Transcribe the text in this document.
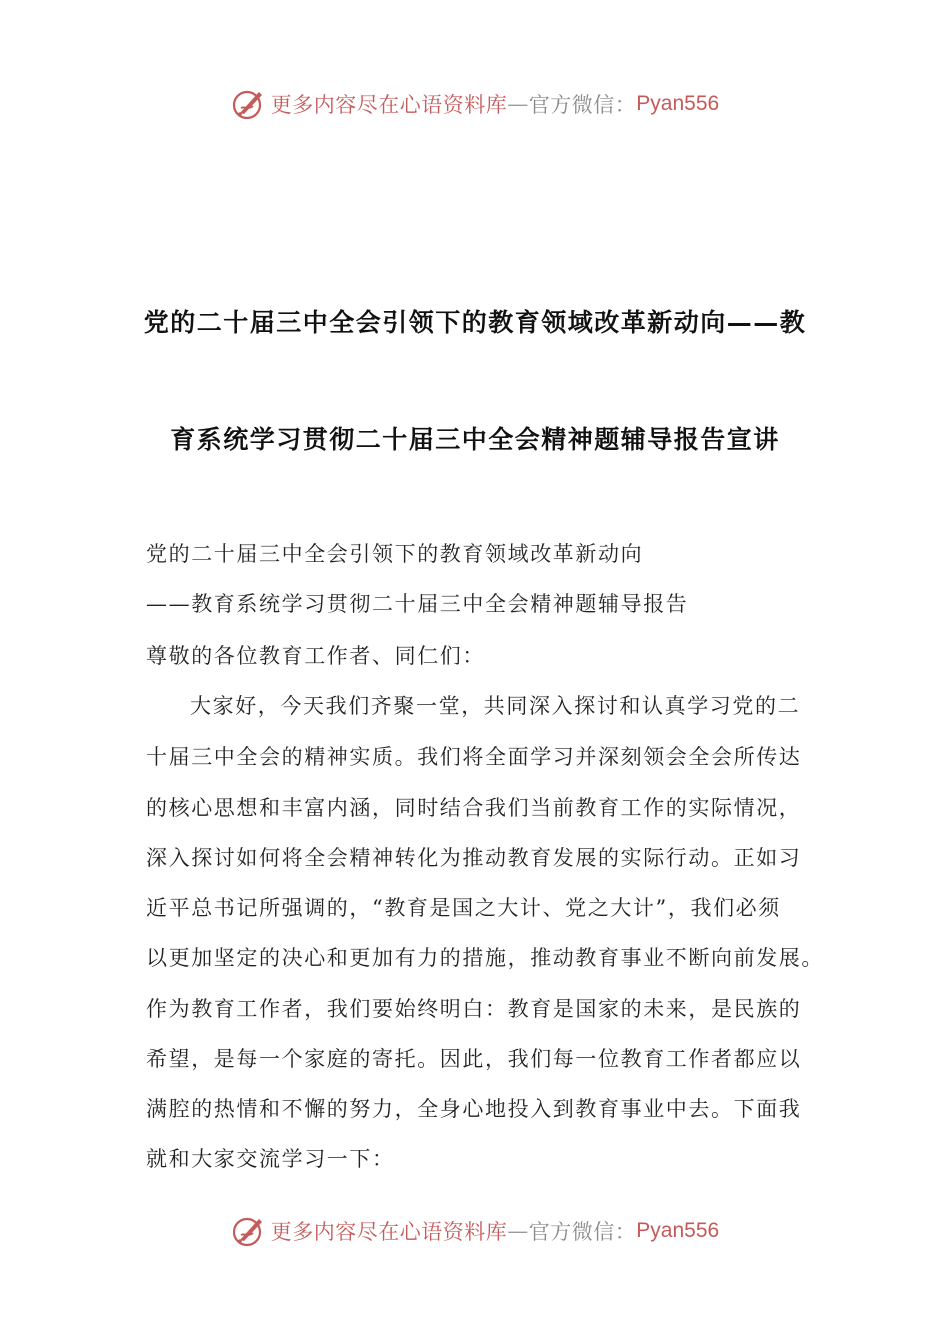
更多内容尽在心语资料库 — 官方微信： Pyan556
党的二十届三中全会引领下的教育领域改革新动向——教
育系统学习贯彻二十届三中全会精神题辅导报告宣讲
党的二十届三中全会引领下的教育领域改革新动向
——教育系统学习贯彻二十届三中全会精神题辅导报告
尊敬的各位教育工作者、同仁们：
大家好，今天我们齐聚一堂，共同深入探讨和认真学习党的二
十届三中全会的精神实质。我们将全面学习并深刻领会全会所传达
的核心思想和丰富内涵，同时结合我们当前教育工作的实际情况，
深入探讨如何将全会精神转化为推动教育发展的实际行动。正如习
近平总书记所强调的，“教育是国之大计、党之大计”，我们必须
以更加坚定的决心和更加有力的措施，推动教育事业不断向前发展。
作为教育工作者，我们要始终明白：教育是国家的未来，是民族的
希望，是每一个家庭的寄托。因此，我们每一位教育工作者都应以
满腔的热情和不懈的努力，全身心地投入到教育事业中去。下面我
就和大家交流学习一下：
更多内容尽在心语资料库 — 官方微信： Pyan556
